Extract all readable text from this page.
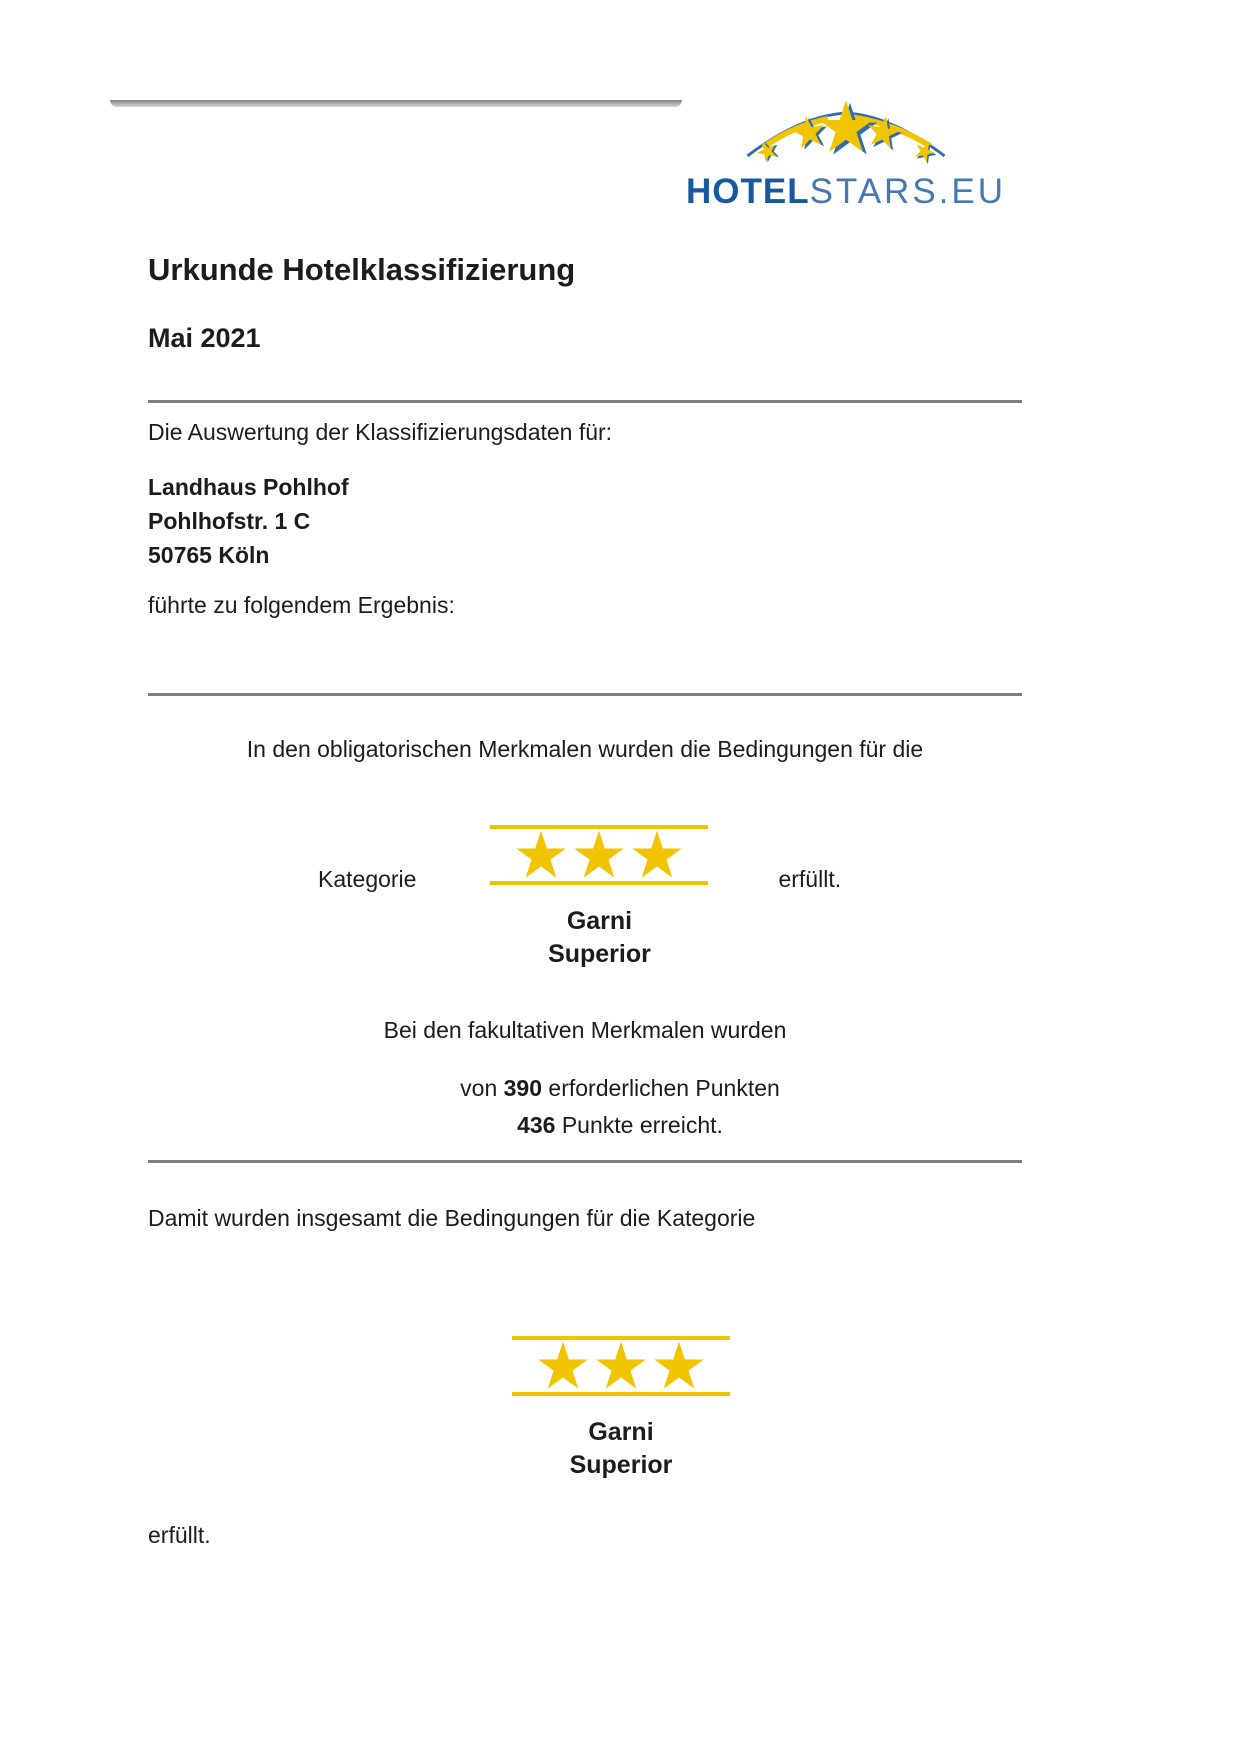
HOTELSTARS.EU
Urkunde Hotelklassifizierung
Mai 2021
Die Auswertung der Klassifizierungsdaten für:
Landhaus Pohlhof
Pohlhofstr. 1 C
50765 Köln
führte zu folgendem Ergebnis:
In den obligatorischen Merkmalen wurden die Bedingungen für die
Kategorie
Garni
Superior
erfüllt.
Bei den fakultativen Merkmalen wurden
von 390 erforderlichen Punkten
436 Punkte erreicht.
Damit wurden insgesamt die Bedingungen für die Kategorie
Garni
Superior
erfüllt.
